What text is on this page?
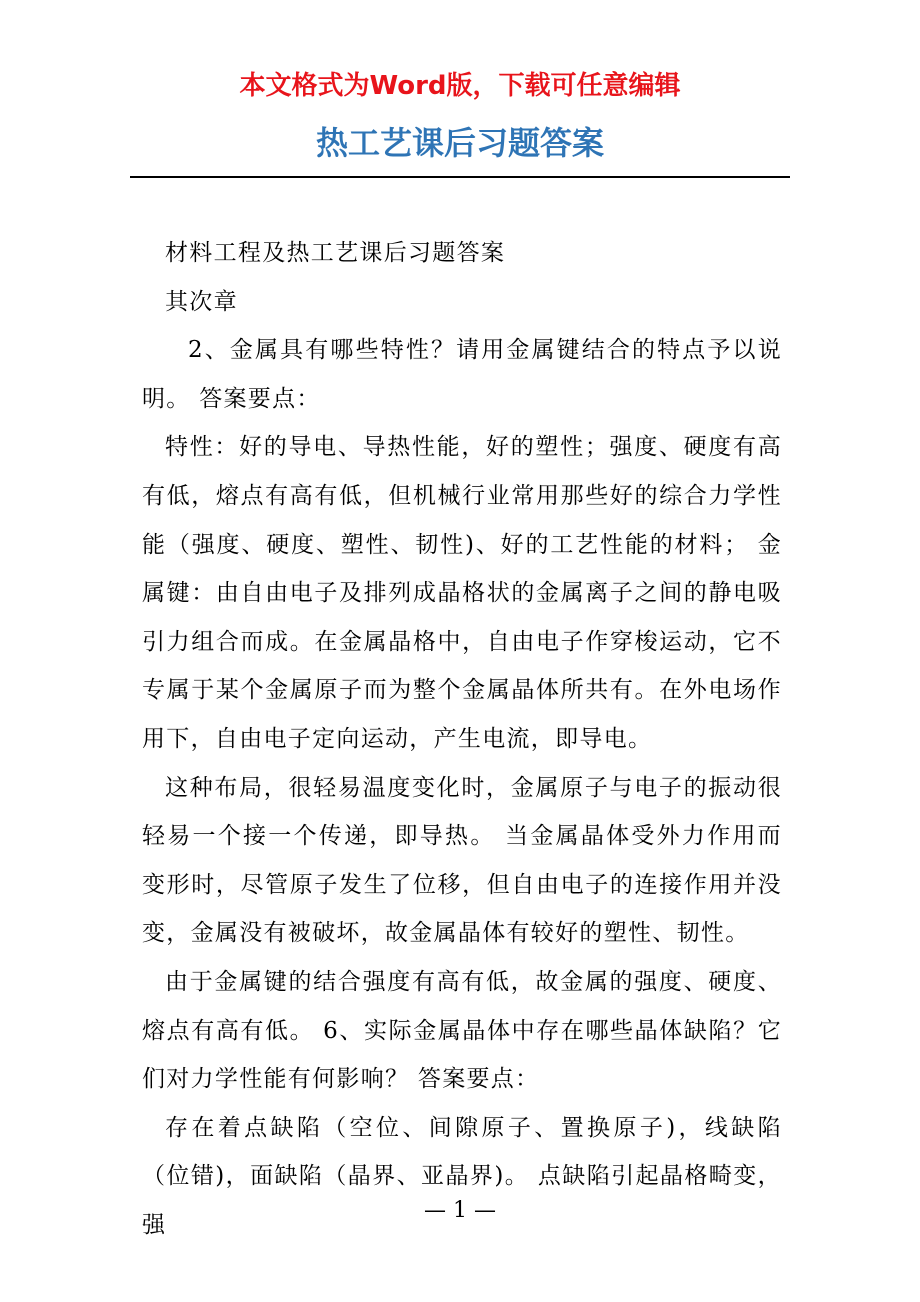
本文格式为Word版，下载可任意编辑
热工艺课后习题答案

材料工程及热工艺课后习题答案

其次章

2、金属具有哪些特性？请用金属键结合的特点予以说明。 答案要点：

特性：好的导电、导热性能，好的塑性；强度、硬度有高有低，熔点有高有低，但机械行业常用那些好的综合力学性能（强度、硬度、塑性、韧性)、好的工艺性能的材料； 金属键：由自由电子及排列成晶格状的金属离子之间的静电吸引力组合而成。在金属晶格中，自由电子作穿梭运动，它不专属于某个金属原子而为整个金属晶体所共有。在外电场作用下，自由电子定向运动，产生电流，即导电。

这种布局，很轻易温度变化时，金属原子与电子的振动很轻易一个接一个传递，即导热。 当金属晶体受外力作用而变形时，尽管原子发生了位移，但自由电子的连接作用并没变，金属没有被破坏，故金属晶体有较好的塑性、韧性。

由于金属键的结合强度有高有低，故金属的强度、硬度、熔点有高有低。 6、实际金属晶体中存在哪些晶体缺陷？它们对力学性能有何影响？ 答案要点：

存在着点缺陷（空位、间隙原子、置换原子)，线缺陷（位错)，面缺陷（晶界、亚晶界)。 点缺陷引起晶格畸变，强

— 1 —
